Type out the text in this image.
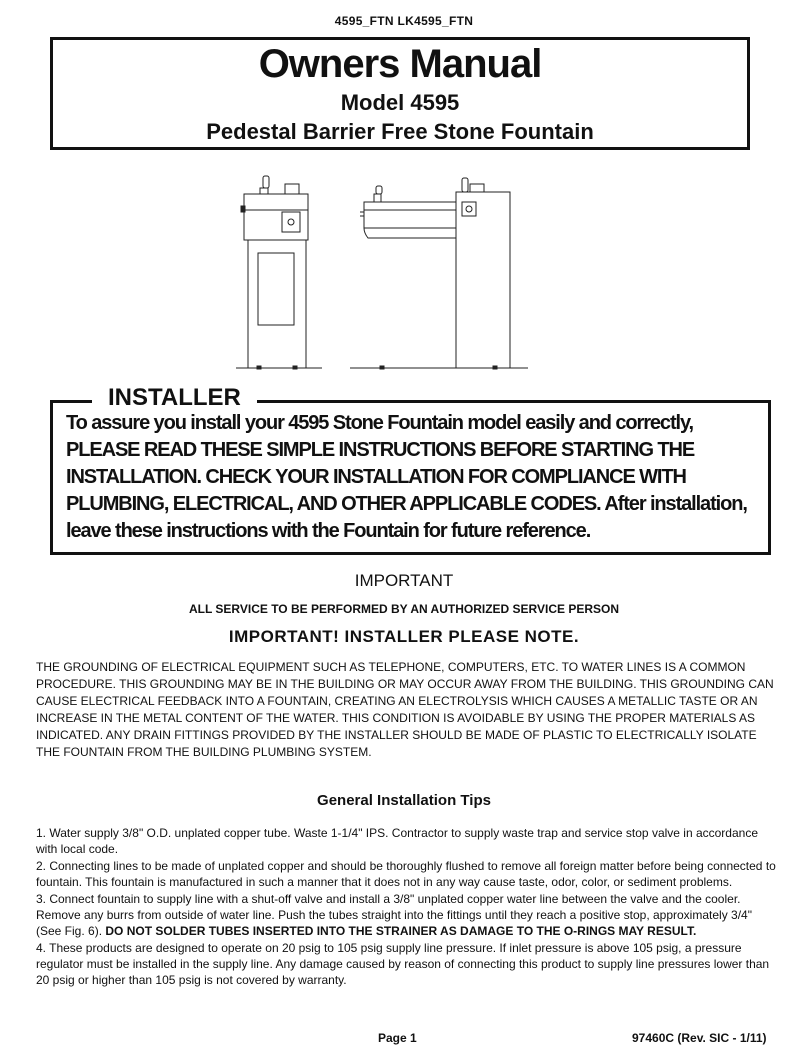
4595_FTN LK4595_FTN
Owners Manual
Model 4595
Pedestal Barrier Free Stone Fountain
INSTALLER
To assure you install your 4595 Stone Fountain model easily and correctly, PLEASE READ THESE SIMPLE INSTRUCTIONS BEFORE STARTING THE INSTALLATION. CHECK YOUR INSTALLATION FOR COMPLIANCE WITH PLUMBING, ELECTRICAL, AND OTHER APPLICABLE CODES. After installation, leave these instructions with the Fountain for future reference.
IMPORTANT
ALL SERVICE TO BE PERFORMED BY AN AUTHORIZED SERVICE PERSON
IMPORTANT! INSTALLER PLEASE NOTE.
THE GROUNDING OF ELECTRICAL EQUIPMENT SUCH AS TELEPHONE, COMPUTERS, ETC. TO WATER LINES IS A COMMON PROCEDURE. THIS GROUNDING MAY BE IN THE BUILDING OR MAY OCCUR AWAY FROM THE BUILDING. THIS GROUNDING CAN CAUSE ELECTRICAL FEEDBACK INTO A FOUNTAIN, CREATING AN ELECTROLYSIS WHICH CAUSES A METALLIC TASTE OR AN INCREASE IN THE METAL CONTENT OF THE WATER. THIS CONDITION IS AVOIDABLE BY USING THE PROPER MATERIALS AS INDICATED. ANY DRAIN FITTINGS PROVIDED BY THE INSTALLER SHOULD BE MADE OF PLASTIC TO ELECTRICALLY ISOLATE THE FOUNTAIN FROM THE BUILDING PLUMBING SYSTEM.
General Installation Tips
1. Water supply 3/8" O.D. unplated copper tube. Waste 1-1/4" IPS. Contractor to supply waste trap and service stop valve in accordance with local code.
2. Connecting lines to be made of unplated copper and should be thoroughly flushed to remove all foreign matter before being connected to fountain. This fountain is manufactured in such a manner that it does not in any way cause taste, odor, color, or sediment problems.
3. Connect fountain to supply line with a shut-off valve and install a 3/8" unplated copper water line between the valve and the cooler. Remove any burrs from outside of water line. Push the tubes straight into the fittings until they reach a positive stop, approximately 3/4" (See Fig. 6). DO NOT SOLDER TUBES INSERTED INTO THE STRAINER AS DAMAGE TO THE O-RINGS MAY RESULT.
4. These products are designed to operate on 20 psig to 105 psig supply line pressure. If inlet pressure is above 105 psig, a pressure regulator must be installed in the supply line. Any damage caused by reason of connecting this product to supply line pressures lower than 20 psig or higher than 105 psig is not covered by warranty.
Page 1	97460C (Rev. SIC - 1/11)
